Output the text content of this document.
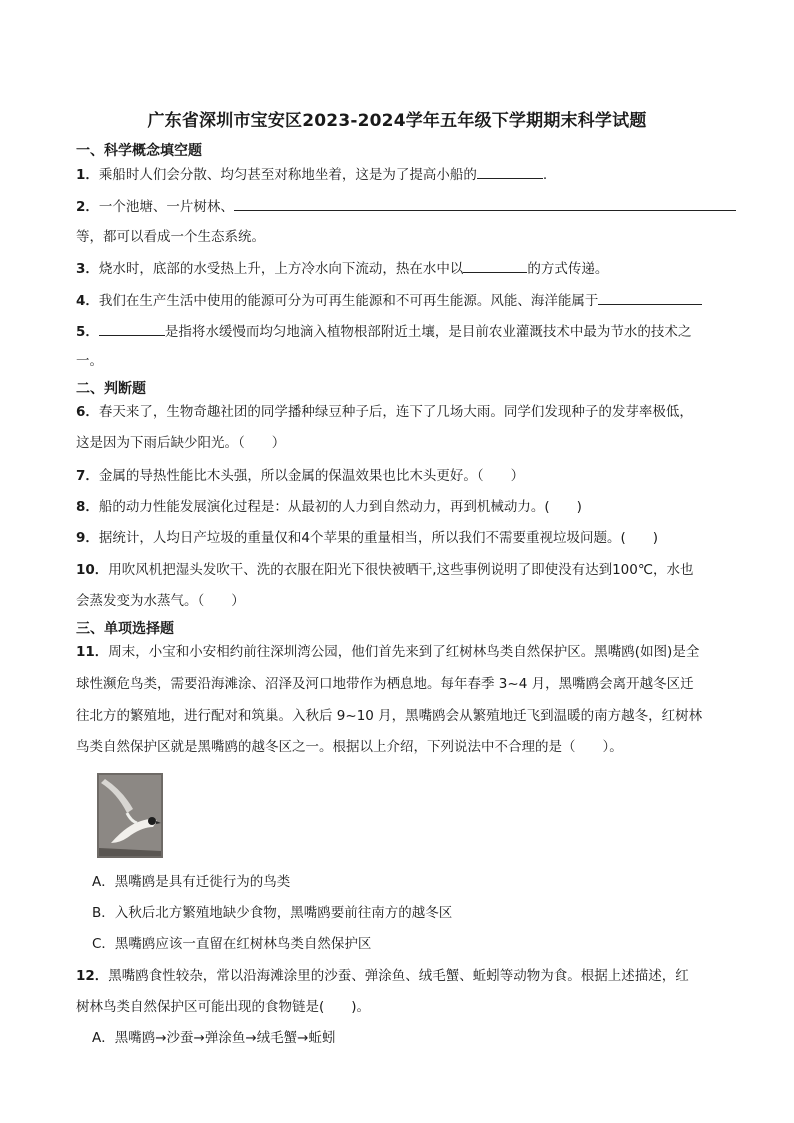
广东省深圳市宝安区2023-2024学年五年级下学期期末科学试题
一、科学概念填空题
1．乘船时人们会分散、均匀甚至对称地坐着，这是为了提高小船的	.
2．一个池塘、一片树林、
等，都可以看成一个生态系统。
3．烧水时，底部的水受热上升，上方冷水向下流动，热在水中以	的方式传递。
4．我们在生产生活中使用的能源可分为可再生能源和不可再生能源。风能、海洋能属于
5．	是指将水缓慢而均匀地滴入植物根部附近土壤，是目前农业灌溉技术中最为节水的技术之
一。
二、判断题
6．春天来了，生物奇趣社团的同学播种绿豆种子后，连下了几场大雨。同学们发现种子的发芽率极低，
这是因为下雨后缺少阳光。（　　）
7．金属的导热性能比木头强，所以金属的保温效果也比木头更好。（　　）
8．船的动力性能发展演化过程是：从最初的人力到自然动力，再到机械动力。(　　)
9．据统计，人均日产垃圾的重量仅和4个苹果的重量相当，所以我们不需要重视垃圾问题。(　　)
10．用吹风机把湿头发吹干、洗的衣服在阳光下很快被晒干,这些事例说明了即使没有达到100℃，水也
会蒸发变为水蒸气。（　　）
三、单项选择题
11．周末，小宝和小安相约前往深圳湾公园，他们首先来到了红树林鸟类自然保护区。黑嘴鸥(如图)是全
球性濒危鸟类，需要沿海滩涂、沼泽及河口地带作为栖息地。每年春季 3~4 月，黑嘴鸥会离开越冬区迁
往北方的繁殖地，进行配对和筑巢。入秋后 9~10 月，黑嘴鸥会从繁殖地迁飞到温暖的南方越冬，红树林
鸟类自然保护区就是黑嘴鸥的越冬区之一。根据以上介绍，下列说法中不合理的是（　　）。
A．黑嘴鸥是具有迁徙行为的鸟类
B．入秋后北方繁殖地缺少食物，黑嘴鸥要前往南方的越冬区
C．黑嘴鸥应该一直留在红树林鸟类自然保护区
12．黑嘴鸥食性较杂，常以沿海滩涂里的沙蚕、弹涂鱼、绒毛蟹、蚯蚓等动物为食。根据上述描述，红
树林鸟类自然保护区可能出现的食物链是(　　)。
A．黑嘴鸥→沙蚕→弹涂鱼→绒毛蟹→蚯蚓
